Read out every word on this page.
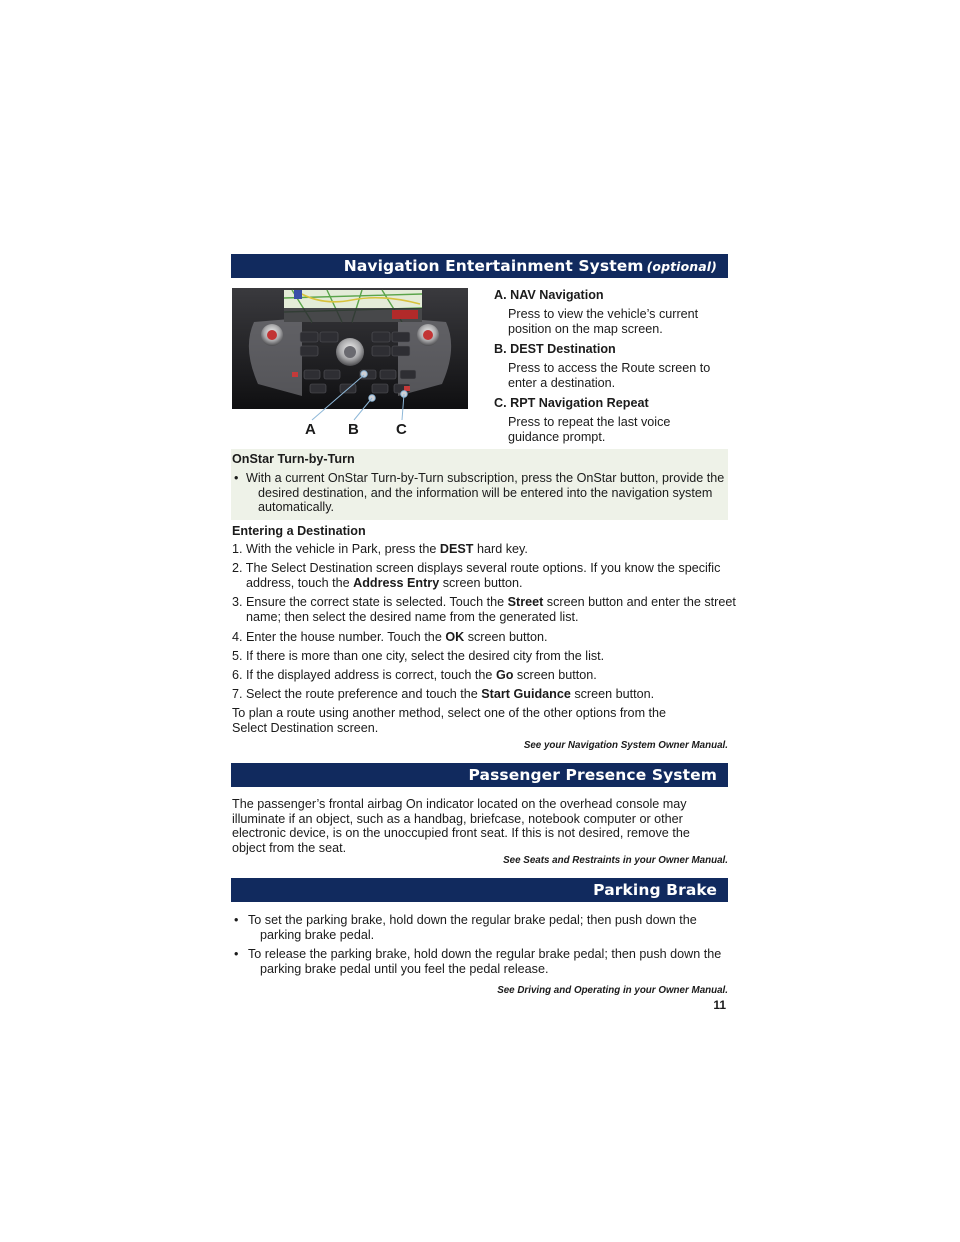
Navigation Entertainment System (optional)
A B C
A. NAV Navigation
Press to view the vehicle’s current position on the map screen.
B. DEST Destination
Press to access the Route screen to enter a destination.
C. RPT Navigation Repeat
Press to repeat the last voice guidance prompt.
OnStar Turn-by-Turn
• With a current OnStar Turn-by-Turn subscription, press the OnStar button, provide the desired destination, and the information will be entered into the navigation system automatically.
Entering a Destination
1. With the vehicle in Park, press the DEST hard key.
2. The Select Destination screen displays several route options. If you know the specific address, touch the Address Entry screen button.
3. Ensure the correct state is selected. Touch the Street screen button and enter the street name; then select the desired name from the generated list.
4. Enter the house number. Touch the OK screen button.
5. If there is more than one city, select the desired city from the list.
6. If the displayed address is correct, touch the Go screen button.
7. Select the route preference and touch the Start Guidance screen button.
To plan a route using another method, select one of the other options from the Select Destination screen.
See your Navigation System Owner Manual.
Passenger Presence System
The passenger’s frontal airbag On indicator located on the overhead console may illuminate if an object, such as a handbag, briefcase, notebook computer or other electronic device, is on the unoccupied front seat. If this is not desired, remove the object from the seat.
See Seats and Restraints in your Owner Manual.
Parking Brake
• To set the parking brake, hold down the regular brake pedal; then push down the parking brake pedal.
• To release the parking brake, hold down the regular brake pedal; then push down the parking brake pedal until you feel the pedal release.
See Driving and Operating in your Owner Manual.
11
